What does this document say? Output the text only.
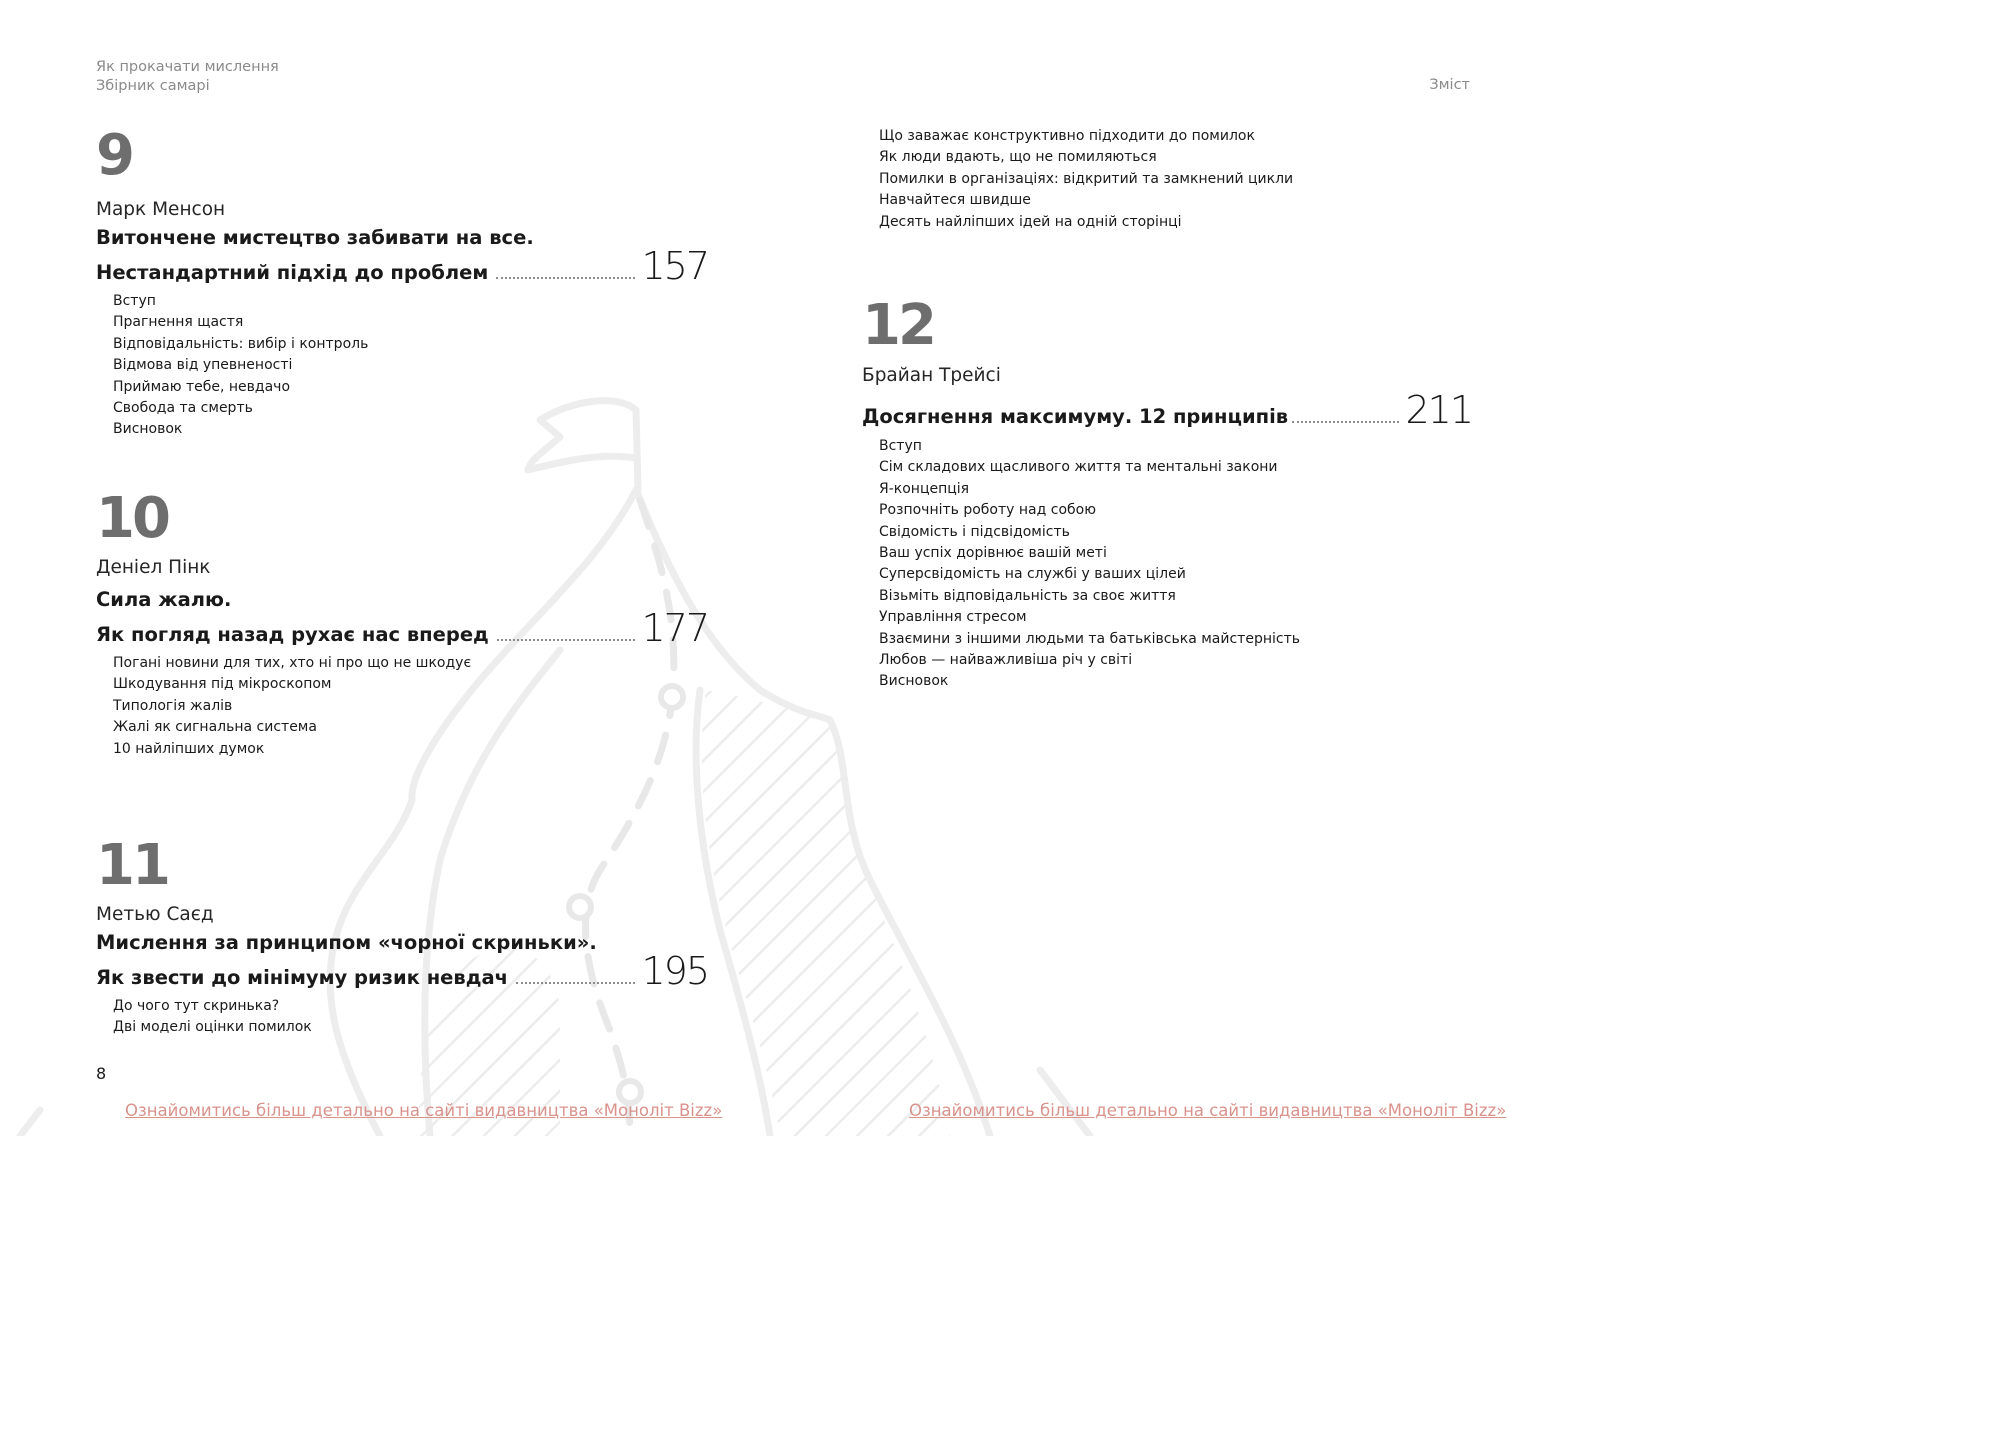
Як прокачати мислення
Збірник самарі	Зміст
9
Марк Менсон
Витончене мистецтво забивати на все.
Нестандартний підхід до проблем	157
Вступ
Прагнення щастя
Відповідальність: вибір і контроль
Відмова від упевненості
Приймаю тебе, невдачо
Свобода та смерть
Висновок
10
Деніел Пінк
Сила жалю.
Як погляд назад рухає нас вперед	177
Погані новини для тих, хто ні про що не шкодує
Шкодування під мікроскопом
Типологія жалів
Жалі як сигнальна система
10 найліпших думок
11
Метью Саєд
Мислення за принципом «чорної скриньки».
Як звести до мінімуму ризик невдач	195
До чого тут скринька?
Дві моделі оцінки помилок
Що заважає конструктивно підходити до помилок
Як люди вдають, що не помиляються
Помилки в організаціях: відкритий та замкнений цикли
Навчайтеся швидше
Десять найліпших ідей на одній сторінці
12
Брайан Трейсі
Досягнення максимуму. 12 принципів	211
Вступ
Сім складових щасливого життя та ментальні закони
Я-концепція
Розпочніть роботу над собою
Свідомість і підсвідомість
Ваш успіх дорівнює вашій меті
Суперсвідомість на службі у ваших цілей
Візьміть відповідальність за своє життя
Управління стресом
Взаємини з іншими людьми та батьківська майстерність
Любов — найважливіша річ у світі
Висновок
8
Ознайомитись більш детально на сайті видавництва «Моноліт Bizz»	Ознайомитись більш детально на сайті видавництва «Моноліт Bizz»
